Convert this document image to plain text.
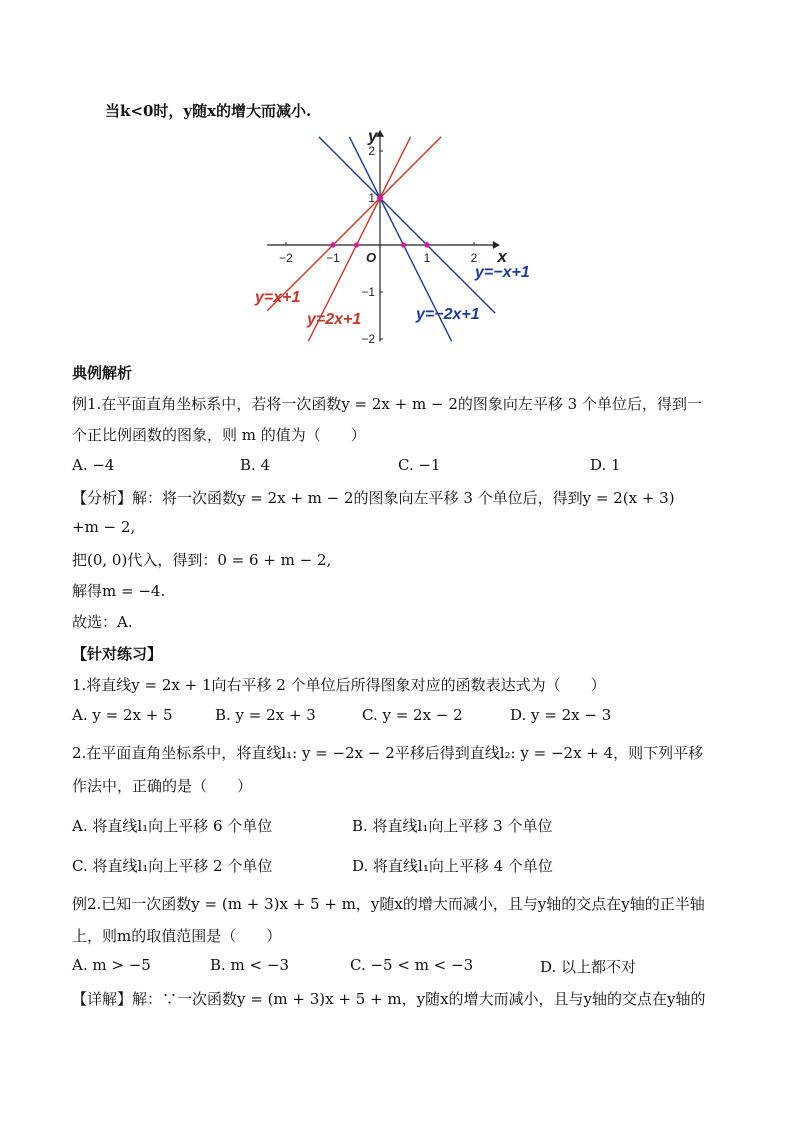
当k<0时，y随x的增大而减小.
−2	−1	1	2
2
1
−1
−2
O	x
y
y=x+1
y=2x+1
y=−x+1
y=−2x+1
典例解析
例1.在平面直角坐标系中，若将一次函数y = 2x + m − 2的图象向左平移 3 个单位后，得到一
个正比例函数的图象，则 m 的值为（　　）
A. −4	B. 4	C. −1	D. 1
【分析】解：将一次函数y = 2x + m − 2的图象向左平移 3 个单位后，得到y = 2(x + 3)
+m − 2,
把(0, 0)代入，得到：0 = 6 + m − 2,
解得m = −4.
故选：A.
【针对练习】
1.将直线y = 2x + 1向右平移 2 个单位后所得图象对应的函数表达式为（　　）
A. y = 2x + 5	B. y = 2x + 3	C. y = 2x − 2	D. y = 2x − 3
2.在平面直角坐标系中，将直线l₁: y = −2x − 2平移后得到直线l₂: y = −2x + 4，则下列平移
作法中，正确的是（　　）
A. 将直线l₁向上平移 6 个单位	B. 将直线l₁向上平移 3 个单位
C. 将直线l₁向上平移 2 个单位	D. 将直线l₁向上平移 4 个单位
例2.已知一次函数y = (m + 3)x + 5 + m，y随x的增大而减小，且与y轴的交点在y轴的正半轴
上，则m的取值范围是（　　）
A. m > −5	B. m < −3	C. −5 < m < −3	D. 以上都不对
【详解】解：∵一次函数y = (m + 3)x + 5 + m，y随x的增大而减小，且与y轴的交点在y轴的
